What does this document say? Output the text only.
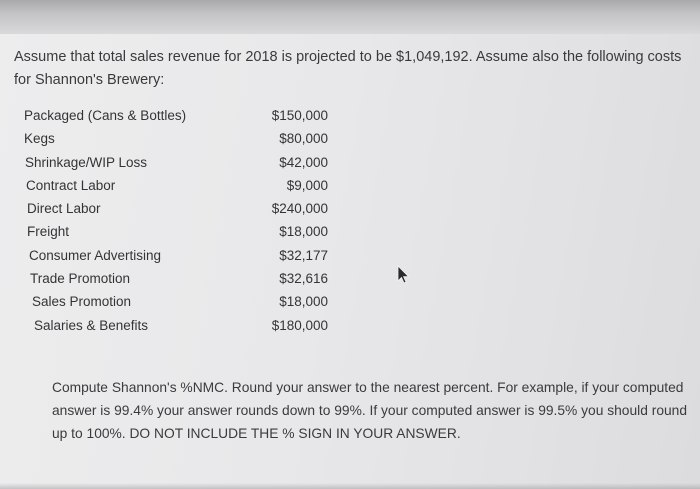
Assume that total sales revenue for 2018 is projected to be $1,049,192. Assume also the following costs for Shannon's Brewery:

Packaged (Cans & Bottles)	$150,000
Kegs	$80,000
Shrinkage/WIP Loss	$42,000
Contract Labor	$9,000
Direct Labor	$240,000
Freight	$18,000
Consumer Advertising	$32,177
Trade Promotion	$32,616
Sales Promotion	$18,000
Salaries & Benefits	$180,000

Compute Shannon's %NMC. Round your answer to the nearest percent. For example, if your computed answer is 99.4% your answer rounds down to 99%. If your computed answer is 99.5% you should round up to 100%. DO NOT INCLUDE THE % SIGN IN YOUR ANSWER.
